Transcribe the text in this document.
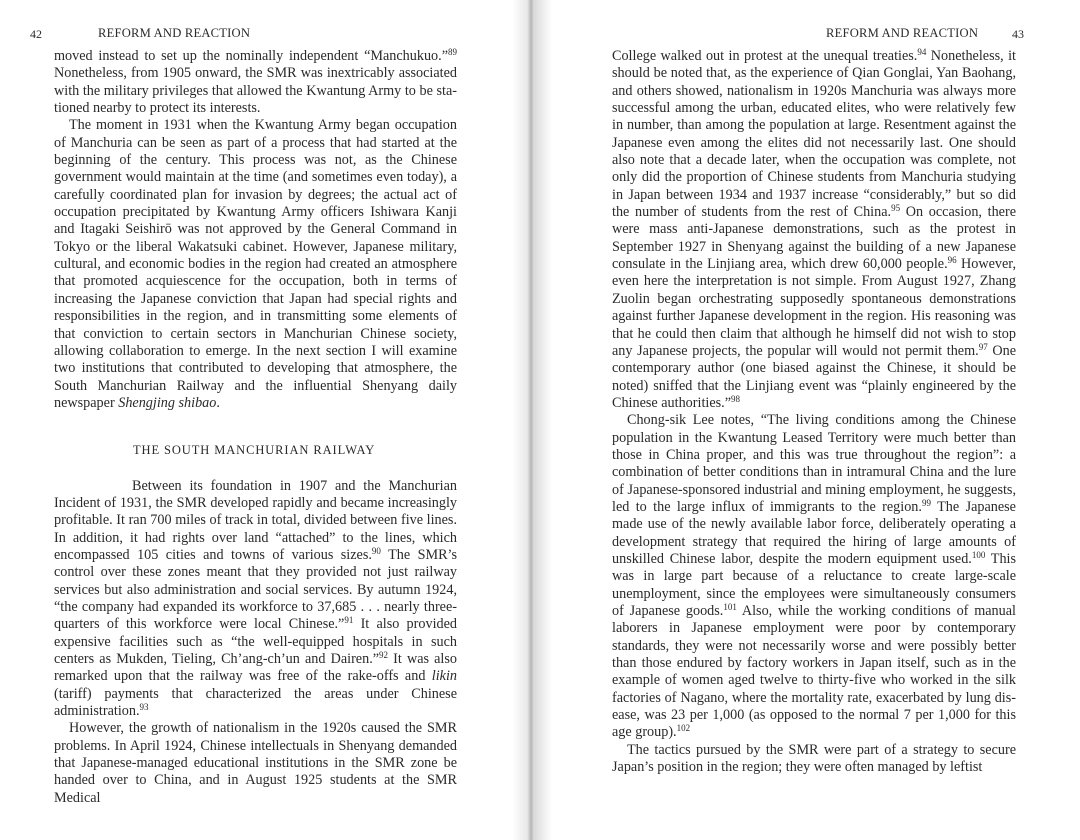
42	REFORM AND REACTION

moved instead to set up the nominally independent “Manchukuo.”$^{89}$ Nonetheless, from 1905 onward, the SMR was inextricably associated with the military privileges that allowed the Kwantung Army to be stationed nearby to protect its interests.

The moment in 1931 when the Kwantung Army began occupation of Manchuria can be seen as part of a process that had started at the beginning of the century. This process was not, as the Chinese government would maintain at the time (and sometimes even today), a carefully coordinated plan for invasion by degrees; the actual act of occupation precipitated by Kwantung Army officers Ishiwara Kanji and Itagaki Seishirō was not approved by the General Command in Tokyo or the liberal Wakatsuki cabinet. However, Japanese military, cultural, and economic bodies in the region had created an atmosphere that promoted acquiescence for the occupation, both in terms of increasing the Japanese conviction that Japan had special rights and responsibilities in the region, and in transmitting some elements of that conviction to certain sectors in Manchurian Chinese society, allowing collaboration to emerge. In the next section I will examine two institutions that contributed to developing that atmosphere, the South Manchurian Railway and the influential Shenyang daily newspaper Shengjing shibao.

THE SOUTH MANCHURIAN RAILWAY

Between its foundation in 1907 and the Manchurian Incident of 1931, the SMR developed rapidly and became increasingly profitable. It ran 700 miles of track in total, divided between five lines. In addition, it had rights over land “attached” to the lines, which encompassed 105 cities and towns of various sizes.$^{90}$ The SMR’s control over these zones meant that they provided not just railway services but also administration and social services. By autumn 1924, “the company had expanded its workforce to 37,685 . . . nearly three-quarters of this workforce were local Chinese.”$^{91}$ It also provided expensive facilities such as “the well-equipped hospitals in such centers as Mukden, Tieling, Ch’ang-ch’un and Dairen.”$^{92}$ It was also remarked upon that the railway was free of the rake-offs and likin (tariff) payments that characterized the areas under Chinese administration.$^{93}$

However, the growth of nationalism in the 1920s caused the SMR problems. In April 1924, Chinese intellectuals in Shenyang demanded that Japanese-managed educational institutions in the SMR zone be handed over to China, and in August 1925 students at the SMR Medical

REFORM AND REACTION	43

College walked out in protest at the unequal treaties.$^{94}$ Nonetheless, it should be noted that, as the experience of Qian Gonglai, Yan Baohang, and others showed, nationalism in 1920s Manchuria was always more successful among the urban, educated elites, who were relatively few in number, than among the population at large. Resentment against the Japanese even among the elites did not necessarily last. One should also note that a decade later, when the occupation was complete, not only did the proportion of Chinese students from Manchuria studying in Japan between 1934 and 1937 increase “considerably,” but so did the number of students from the rest of China.$^{95}$ On occasion, there were mass anti-Japanese demonstrations, such as the protest in September 1927 in Shenyang against the building of a new Japanese consulate in the Linjiang area, which drew 60,000 people.$^{96}$ However, even here the interpretation is not simple. From August 1927, Zhang Zuolin began orchestrating supposedly spontaneous demonstrations against further Japanese development in the region. His reasoning was that he could then claim that although he himself did not wish to stop any Japanese projects, the popular will would not permit them.$^{97}$ One contemporary author (one biased against the Chinese, it should be noted) sniffed that the Linjiang event was “plainly engineered by the Chinese authorities.”$^{98}$

Chong-sik Lee notes, “The living conditions among the Chinese population in the Kwantung Leased Territory were much better than those in China proper, and this was true throughout the region”: a combination of better conditions than in intramural China and the lure of Japanese-sponsored industrial and mining employment, he suggests, led to the large influx of immigrants to the region.$^{99}$ The Japanese made use of the newly available labor force, deliberately operating a development strategy that required the hiring of large amounts of unskilled Chinese labor, despite the modern equipment used.$^{100}$ This was in large part because of a reluctance to create large-scale unemployment, since the employees were simultaneously consumers of Japanese goods.$^{101}$ Also, while the working conditions of manual laborers in Japanese employment were poor by contemporary standards, they were not necessarily worse and were possibly better than those endured by factory workers in Japan itself, such as in the example of women aged twelve to thirty-five who worked in the silk factories of Nagano, where the mortality rate, exacerbated by lung disease, was 23 per 1,000 (as opposed to the normal 7 per 1,000 for this age group).$^{102}$

The tactics pursued by the SMR were part of a strategy to secure Japan’s position in the region; they were often managed by leftist
